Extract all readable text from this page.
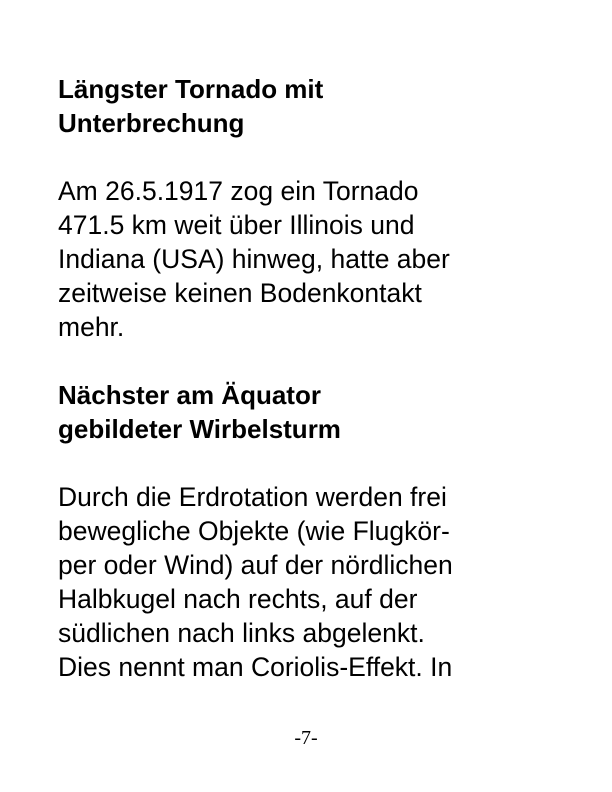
Längster Tornado mit
Unterbrechung

Am 26.5.1917 zog ein Tornado
471.5 km weit über Illinois und
Indiana (USA) hinweg, hatte aber
zeitweise keinen Bodenkontakt
mehr.

Nächster am Äquator
gebildeter Wirbelsturm

Durch die Erdrotation werden frei
bewegliche Objekte (wie Flugkör-
per oder Wind) auf der nördlichen
Halbkugel nach rechts, auf der
südlichen nach links abgelenkt.
Dies nennt man Coriolis-Effekt. In

-7-
